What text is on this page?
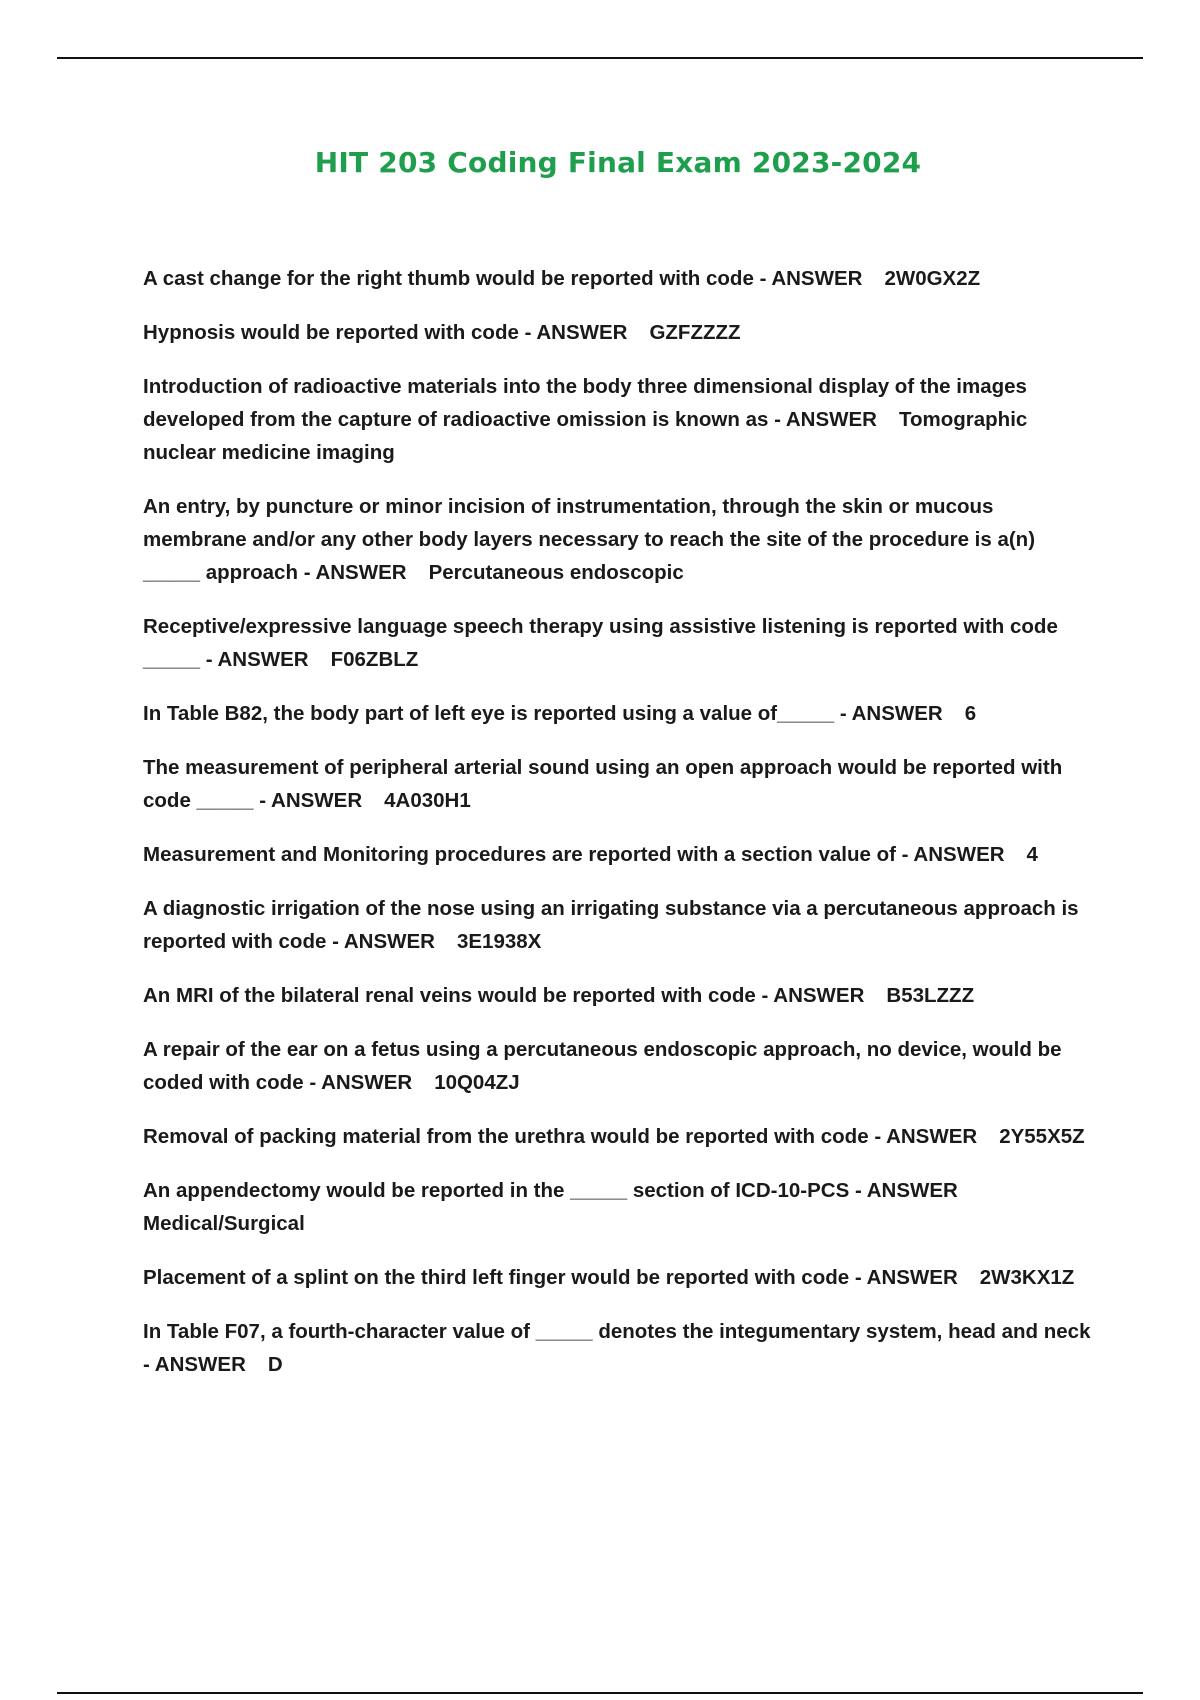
HIT 203 Coding Final Exam 2023-2024

A cast change for the right thumb would be reported with code - ANSWER 2W0GX2Z

Hypnosis would be reported with code - ANSWER GZFZZZZ

Introduction of radioactive materials into the body three dimensional display of the images developed from the capture of radioactive omission is known as - ANSWER Tomographic nuclear medicine imaging

An entry, by puncture or minor incision of instrumentation, through the skin or mucous membrane and/or any other body layers necessary to reach the site of the procedure is a(n) _____ approach - ANSWER Percutaneous endoscopic

Receptive/expressive language speech therapy using assistive listening is reported with code _____ - ANSWER F06ZBLZ

In Table B82, the body part of left eye is reported using a value of_____ - ANSWER 6

The measurement of peripheral arterial sound using an open approach would be reported with code _____ - ANSWER 4A030H1

Measurement and Monitoring procedures are reported with a section value of - ANSWER 4

A diagnostic irrigation of the nose using an irrigating substance via a percutaneous approach is reported with code - ANSWER 3E1938X

An MRI of the bilateral renal veins would be reported with code - ANSWER B53LZZZ

A repair of the ear on a fetus using a percutaneous endoscopic approach, no device, would be coded with code - ANSWER 10Q04ZJ

Removal of packing material from the urethra would be reported with code - ANSWER 2Y55X5Z

An appendectomy would be reported in the _____ section of ICD-10-PCS - ANSWERMedical/Surgical

Placement of a splint on the third left finger would be reported with code - ANSWER 2W3KX1Z

In Table F07, a fourth-character value of _____ denotes the integumentary system, head and neck - ANSWER D
